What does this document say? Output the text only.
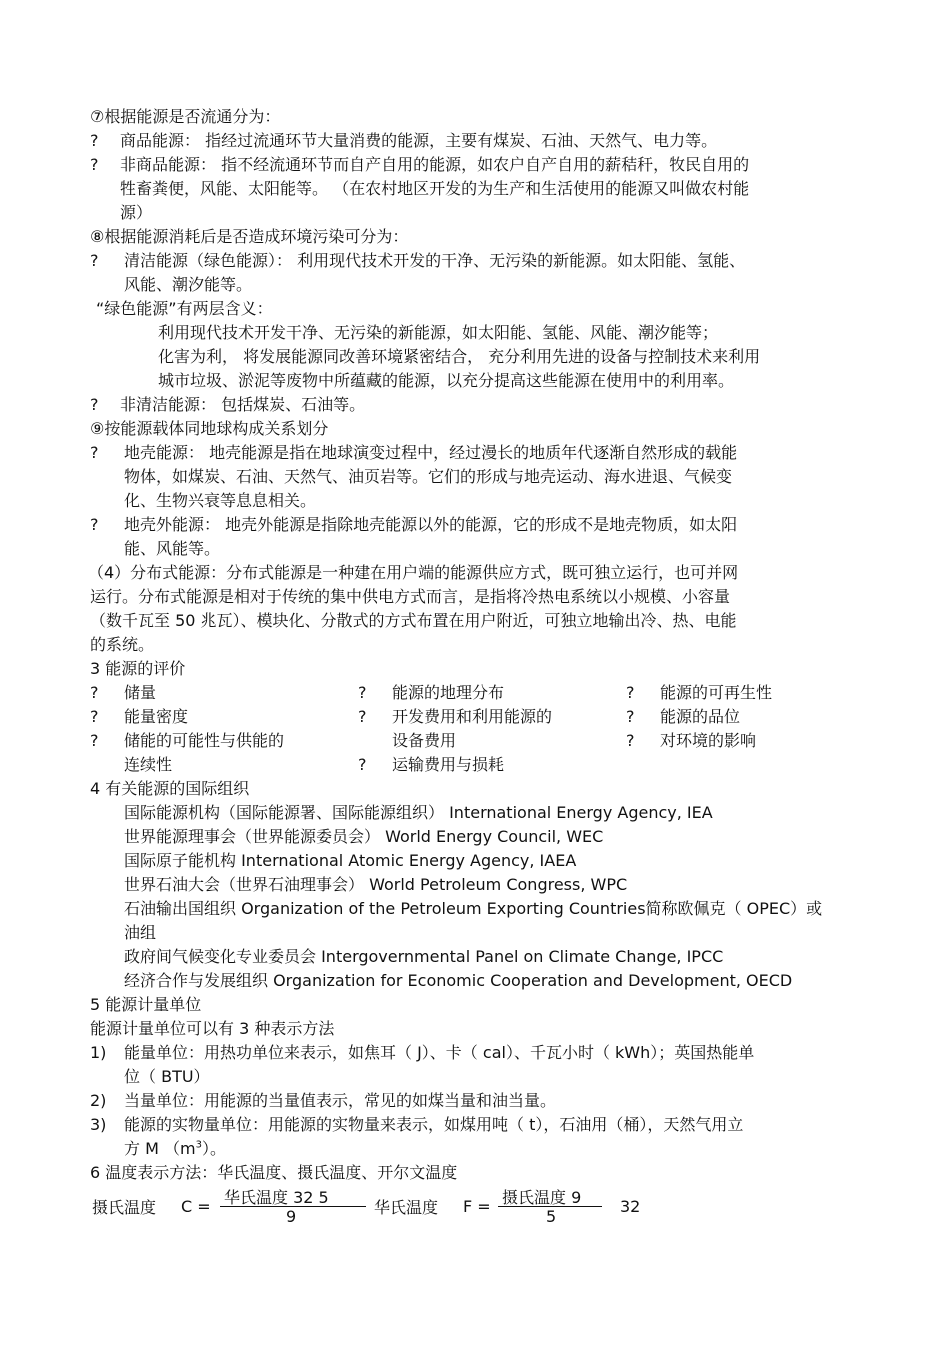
⑦根据能源是否流通分为：
? 商品能源： 指经过流通环节大量消费的能源，主要有煤炭、石油、天然气、电力等。
? 非商品能源： 指不经流通环节而自产自用的能源，如农户自产自用的薪秸秆，牧民自用的
牲畜粪便，风能、太阳能等。 （在农村地区开发的为生产和生活使用的能源又叫做农村能
源）
⑧根据能源消耗后是否造成环境污染可分为：
? 清洁能源（绿色能源）： 利用现代技术开发的干净、无污染的新能源。如太阳能、氢能、
风能、潮汐能等。
“绿色能源”有两层含义：
利用现代技术开发干净、无污染的新能源，如太阳能、氢能、风能、潮汐能等；
化害为利， 将发展能源同改善环境紧密结合， 充分利用先进的设备与控制技术来利用
城市垃圾、淤泥等废物中所蕴藏的能源，以充分提高这些能源在使用中的利用率。
? 非清洁能源： 包括煤炭、石油等。
⑨按能源载体同地球构成关系划分
? 地壳能源： 地壳能源是指在地球演变过程中，经过漫长的地质年代逐渐自然形成的载能
物体，如煤炭、石油、天然气、油页岩等。它们的形成与地壳运动、海水进退、气候变
化、生物兴衰等息息相关。
? 地壳外能源： 地壳外能源是指除地壳能源以外的能源，它的形成不是地壳物质，如太阳
能、风能等。
（4）分布式能源：分布式能源是一种建在用户端的能源供应方式，既可独立运行，也可并网
运行。分布式能源是相对于传统的集中供电方式而言，是指将冷热电系统以小规模、小容量
（数千瓦至 50 兆瓦）、模块化、分散式的方式布置在用户附近，可独立地输出冷、热、电能
的系统。
3 能源的评价
? 储量	? 能源的地理分布	? 能源的可再生性
? 能量密度	? 开发费用和利用能源的	? 能源的品位
? 储能的可能性与供能的	设备费用	? 对环境的影响
连续性	? 运输费用与损耗
4 有关能源的国际组织
国际能源机构（国际能源署、国际能源组织） International Energy Agency, IEA
世界能源理事会（世界能源委员会） World Energy Council, WEC
国际原子能机构 International Atomic Energy Agency, IAEA
世界石油大会（世界石油理事会） World Petroleum Congress, WPC
石油输出国组织 Organization of the Petroleum Exporting Countries简称欧佩克（ OPEC）或
油组
政府间气候变化专业委员会 Intergovernmental Panel on Climate Change, IPCC
经济合作与发展组织 Organization for Economic Cooperation and Development, OECD
5 能源计量单位
能源计量单位可以有 3 种表示方法
1) 能量单位：用热功单位来表示，如焦耳（ J）、卡（ cal）、千瓦小时（ kWh）；英国热能单
位（ BTU）
2) 当量单位：用能源的当量值表示，常见的如煤当量和油当量。
3) 能源的实物量单位：用能源的实物量来表示，如煤用吨（ t），石油用（桶），天然气用立
方 M $(m^3)$。
6 温度表示方法：华氏温度、摄氏温度、开尔文温度
摄氏温度 C = 华氏温度 32 5
9	华氏温度 F = 摄氏温度 9
5
32
